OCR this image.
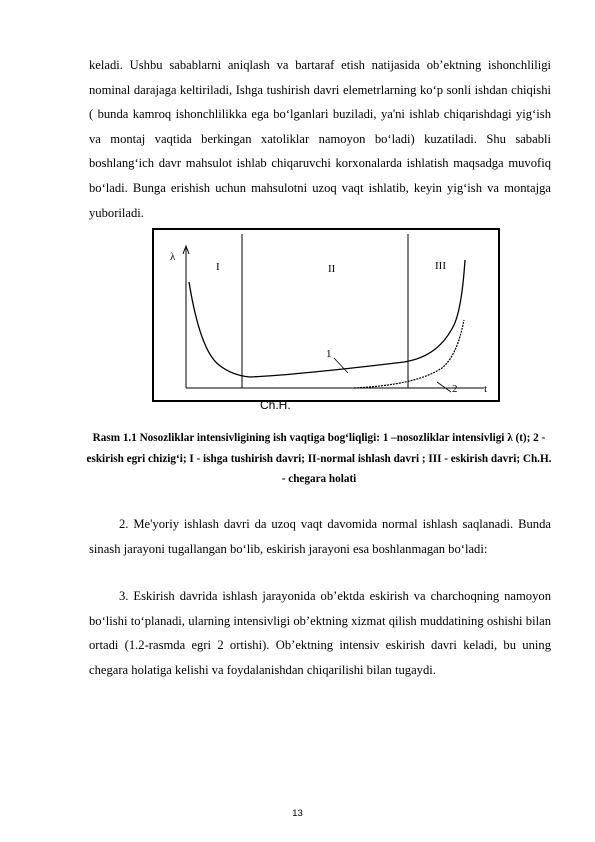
keladi. Ushbu sabablarni aniqlash va bartaraf etish natijasida ob’ektning ishonchliligi nominal darajaga keltiriladi, Ishga tushirish davri elemetrlarning ko‘p sonli ishdan chiqishi ( bunda kamroq ishonchlilikka ega bo‘lganlari buziladi, ya'ni ishlab chiqarishdagi yig‘ish va montaj vaqtida berkingan xatoliklar namoyon bo‘ladi) kuzatiladi. Shu sababli boshlang‘ich davr mahsulot ishlab chiqaruvchi korxonalarda ishlatish maqsadga muvofiq bo‘ladi. Bunga erishish uchun mahsulotni uzoq vaqt ishlatib, keyin yig‘ish va montajga yuboriladi.

λ
t
I	II	III
1
2
Ch.H.

Rasm 1.1 Nosozliklar intensivligining ish vaqtiga bog‘liqligi: 1 –nosozliklar intensivligi λ (t); 2 - eskirish egri chizig‘i; I - ishga tushirish davri; II-normal ishlash davri ; III - eskirish davri; Ch.H. - chegara holati

2. Me'yoriy ishlash davri da uzoq vaqt davomida normal ishlash saqlanadi. Bunda sinash jarayoni tugallangan bo‘lib, eskirish jarayoni esa boshlanmagan bo‘ladi:

3. Eskirish davrida ishlash jarayonida ob’ektda eskirish va charchoqning namoyon bo‘lishi to‘planadi, ularning intensivligi ob’ektning xizmat qilish muddatining oshishi bilan ortadi (1.2-rasmda egri 2 ortishi). Ob’ektning intensiv eskirish davri keladi, bu uning chegara holatiga kelishi va foydalanishdan chiqarilishi bilan tugaydi.

13
